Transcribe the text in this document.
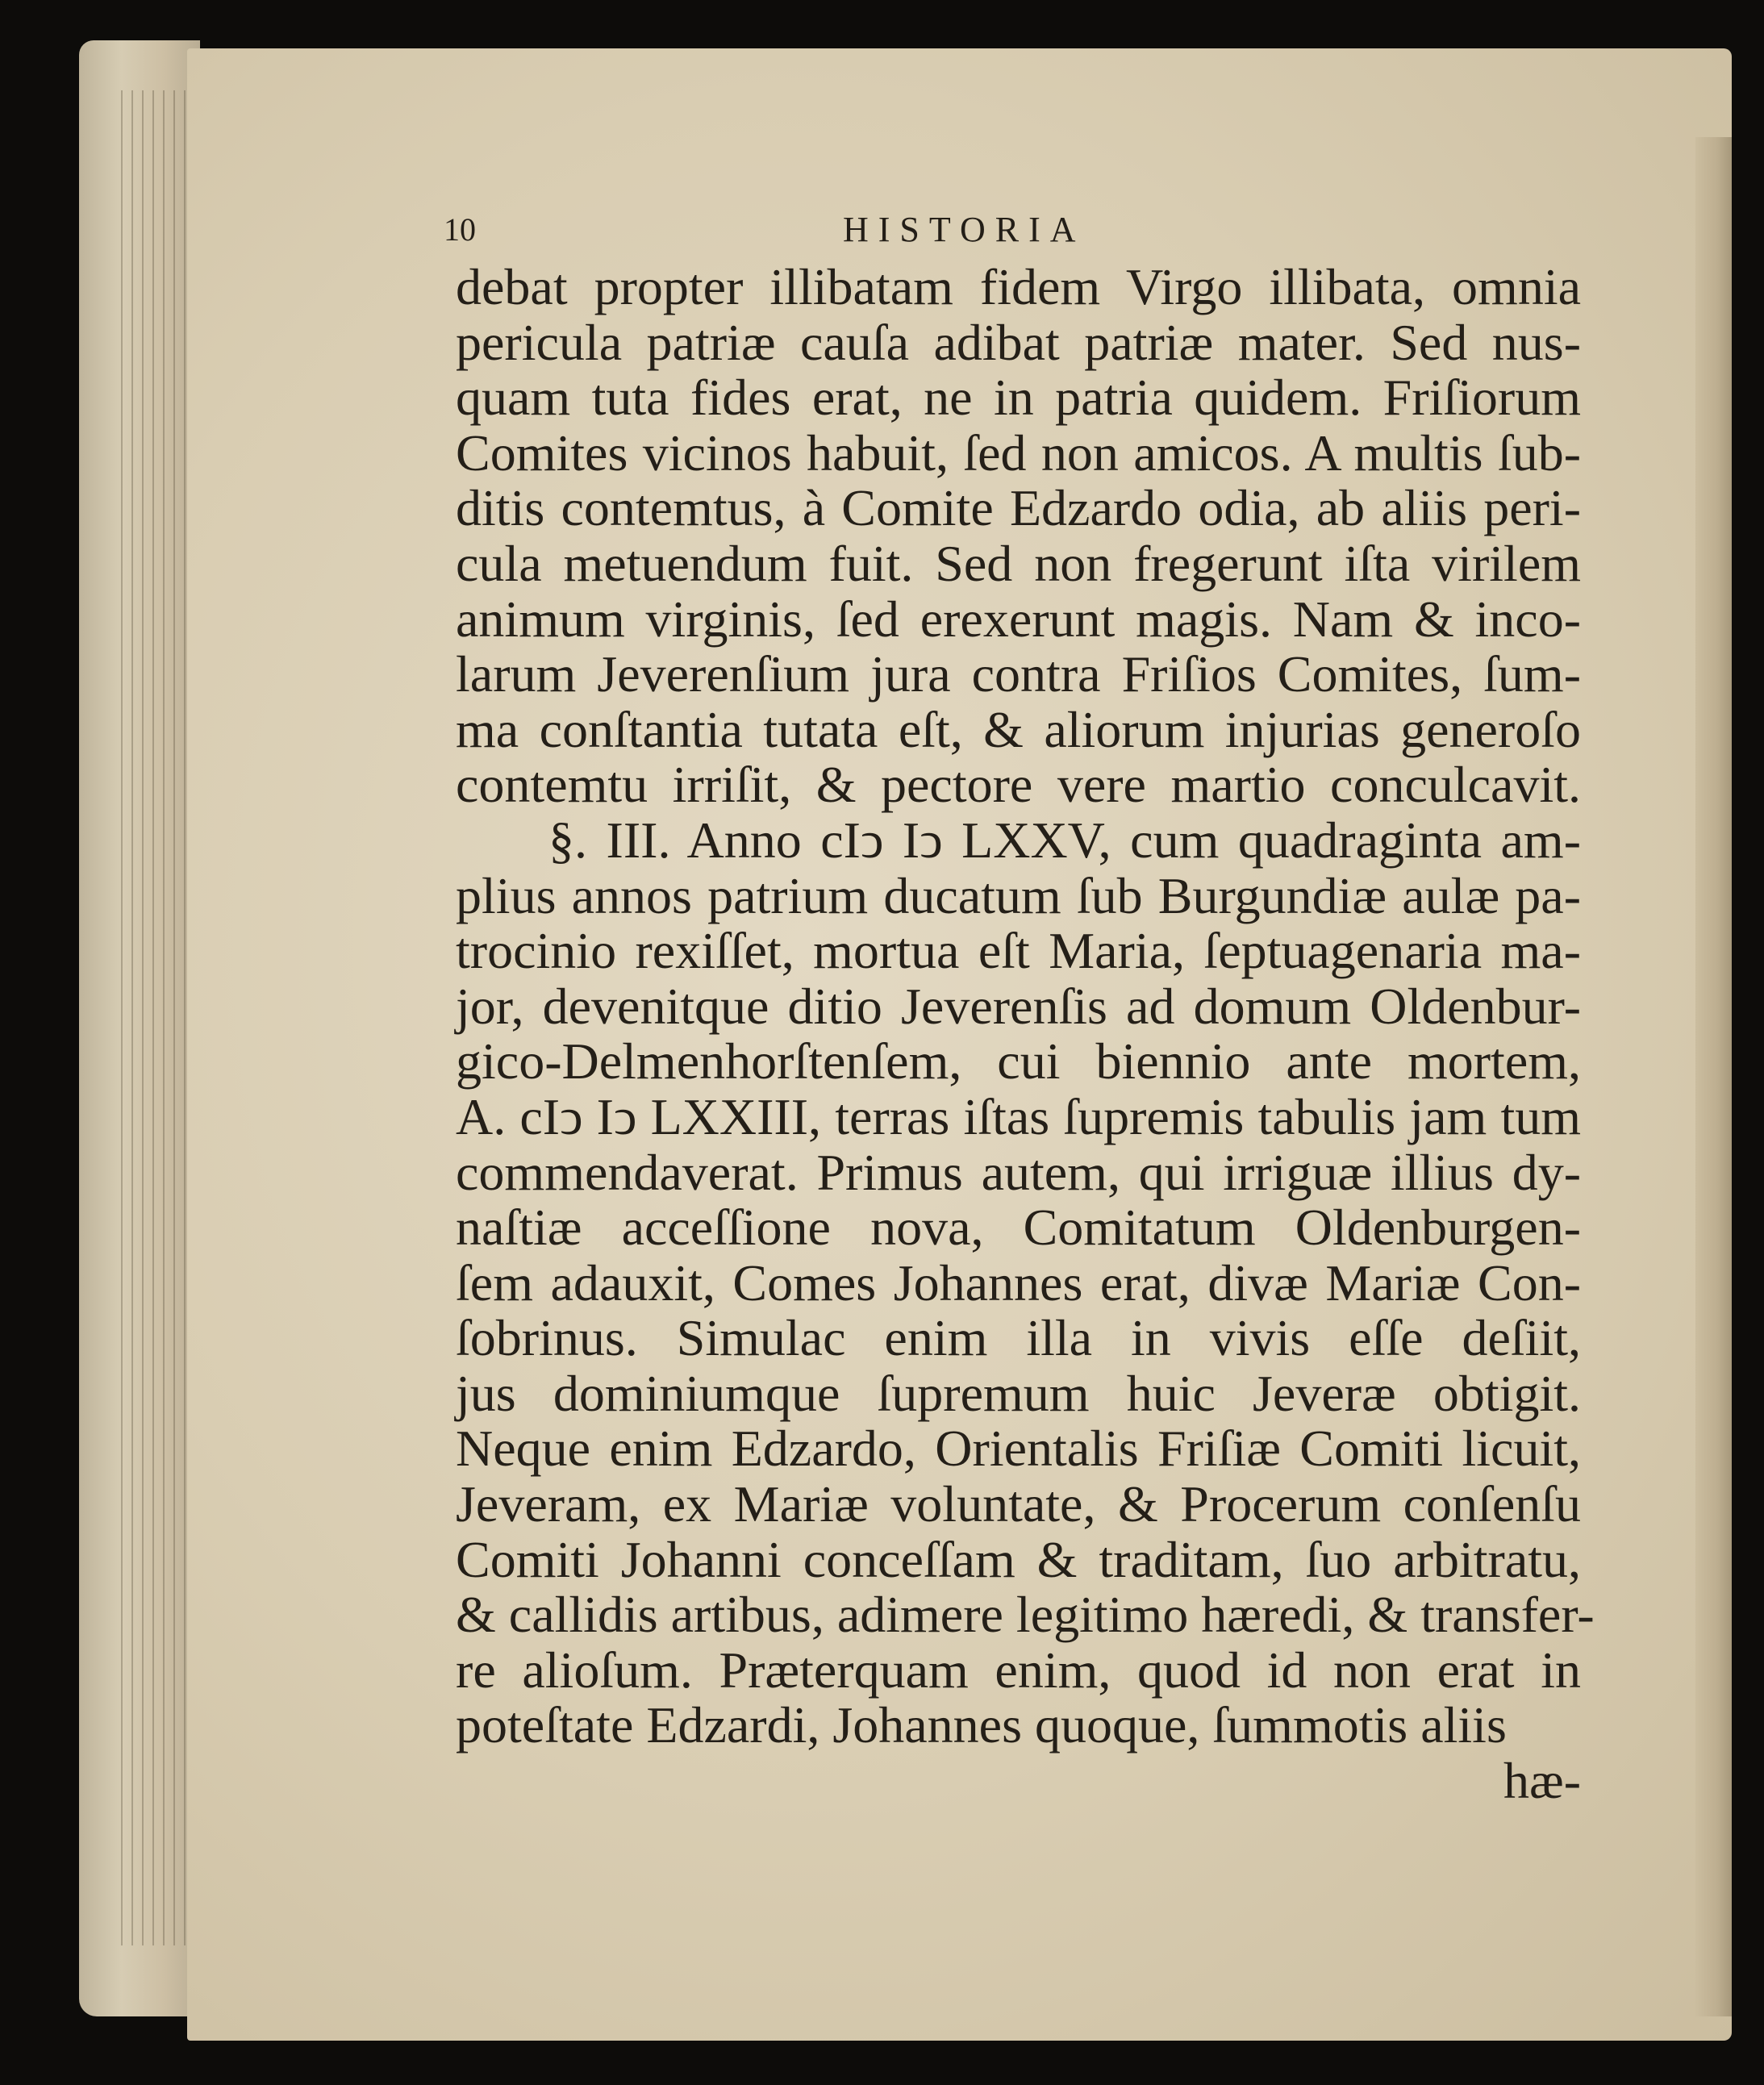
10	HISTORIA
debat propter illibatam fidem Virgo illibata, omnia
pericula patriæ cauſa adibat patriæ mater. Sed nus-
quam tuta fides erat, ne in patria quidem. Friſiorum
Comites vicinos habuit, ſed non amicos. A multis ſub-
ditis contemtus, à Comite Edzardo odia, ab aliis peri-
cula metuendum fuit. Sed non fregerunt iſta virilem
animum virginis, ſed erexerunt magis. Nam & inco-
larum Jeverenſium jura contra Friſios Comites, ſum-
ma conſtantia tutata eſt, & aliorum injurias generoſo
contemtu irriſit, & pectore vere martio conculcavit.
§. III. Anno cIↄ Iↄ LXXV, cum quadraginta am-
plius annos patrium ducatum ſub Burgundiæ aulæ pa-
trocinio rexiſſet, mortua eſt Maria, ſeptuagenaria ma-
jor, devenitque ditio Jeverenſis ad domum Oldenbur-
gico-Delmenhorſtenſem, cui biennio ante mortem,
A. cIↄ Iↄ LXXIII, terras iſtas ſupremis tabulis jam tum
commendaverat. Primus autem, qui irriguæ illius dy-
naſtiæ acceſſione nova, Comitatum Oldenburgen-
ſem adauxit, Comes Johannes erat, divæ Mariæ Con-
ſobrinus. Simulac enim illa in vivis eſſe deſiit,
jus dominiumque ſupremum huic Jeveræ obtigit.
Neque enim Edzardo, Orientalis Friſiæ Comiti licuit,
Jeveram, ex Mariæ voluntate, & Procerum conſenſu
Comiti Johanni conceſſam & traditam, ſuo arbitratu,
& callidis artibus, adimere legitimo hæredi, & transfer-
re alioſum. Præterquam enim, quod id non erat in
poteſtate Edzardi, Johannes quoque, ſummotis aliis
hæ-
